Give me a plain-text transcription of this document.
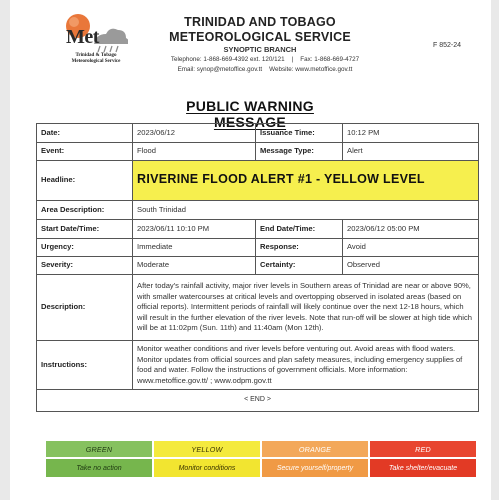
Met
Trinidad & Tobago
Meteorological Service
TRINIDAD AND TOBAGO
METEOROLOGICAL SERVICE
SYNOPTIC BRANCH
Telephone: 1-868-669-4392 ext. 120/121    |    Fax: 1-868-669-4727
Email: synop@metoffice.gov.tt    Website: www.metoffice.gov.tt
F 852-24
PUBLIC WARNING MESSAGE
Date:	2023/06/12	Issuance Time:	10:12 PM
Event:	Flood	Message Type:	Alert
Headline:	RIVERINE FLOOD ALERT #1 - YELLOW LEVEL		
Area Description:	South Trinidad		
Start Date/Time:	2023/06/11 10:10 PM	End Date/Time:	2023/06/12 05:00 PM
Urgency:	Immediate	Response:	Avoid
Severity:	Moderate	Certainty:	Observed
Description:	After today's rainfall activity, major river levels in Southern areas of Trinidad are near or above 90%, with smaller watercourses at critical levels and overtopping observed in isolated areas (based on official reports). Intermittent periods of rainfall will likely continue over the next 12-18 hours, which will result in the further elevation of the river levels. Note that run-off will be slower at high tide which will be at 11:02pm (Sun. 11th) and 11:40am (Mon 12th).		
Instructions:	Monitor weather conditions and river levels before venturing out. Avoid areas with flood waters. Monitor updates from official sources and plan safety measures, including emergency supplies of food and water. Follow the instructions of government officials. More information: www.metoffice.gov.tt/ ; www.odpm.gov.tt		
< END >			
GREEN	YELLOW	ORANGE	RED
Take no action	Monitor conditions	Secure yourself/property	Take shelter/evacuate
